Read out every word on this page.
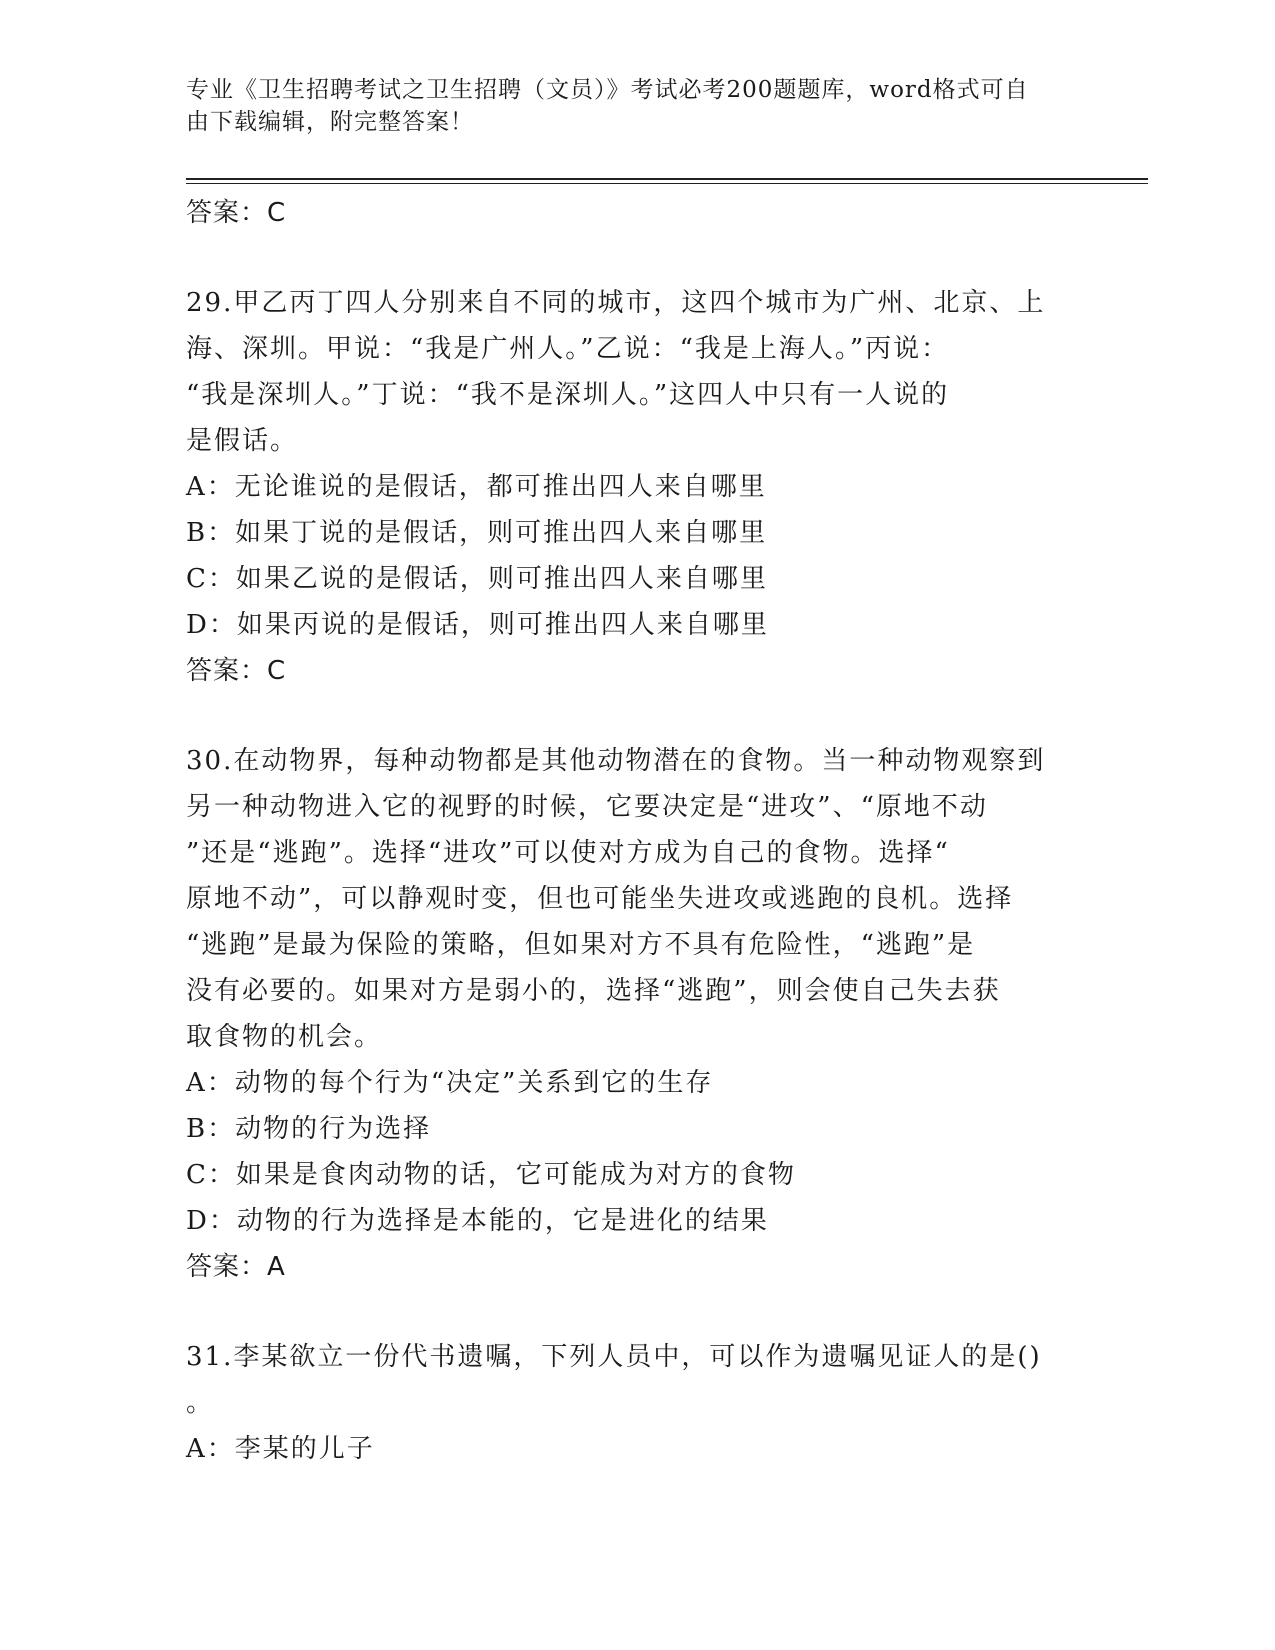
专业《卫生招聘考试之卫生招聘（文员）》考试必考200题题库，word格式可自

由下载编辑，附完整答案！

答案：C

29.甲乙丙丁四人分别来自不同的城市，这四个城市为广州、北京、上

海、深圳。甲说：“我是广州人。”乙说：“我是上海人。”丙说：

“我是深圳人。”丁说：“我不是深圳人。”这四人中只有一人说的

是假话。

A：无论谁说的是假话，都可推出四人来自哪里

B：如果丁说的是假话，则可推出四人来自哪里

C：如果乙说的是假话，则可推出四人来自哪里

D：如果丙说的是假话，则可推出四人来自哪里

答案：C

30.在动物界，每种动物都是其他动物潜在的食物。当一种动物观察到

另一种动物进入它的视野的时候，它要决定是“进攻”、“原地不动

”还是“逃跑”。选择“进攻”可以使对方成为自己的食物。选择“

原地不动”，可以静观时变，但也可能坐失进攻或逃跑的良机。选择

“逃跑”是最为保险的策略，但如果对方不具有危险性，“逃跑”是

没有必要的。如果对方是弱小的，选择“逃跑”，则会使自己失去获

取食物的机会。

A：动物的每个行为“决定”关系到它的生存

B：动物的行为选择

C：如果是食肉动物的话，它可能成为对方的食物

D：动物的行为选择是本能的，它是进化的结果

答案：A

31.李某欲立一份代书遗嘱，下列人员中，可以作为遗嘱见证人的是()

。

A：李某的儿子
